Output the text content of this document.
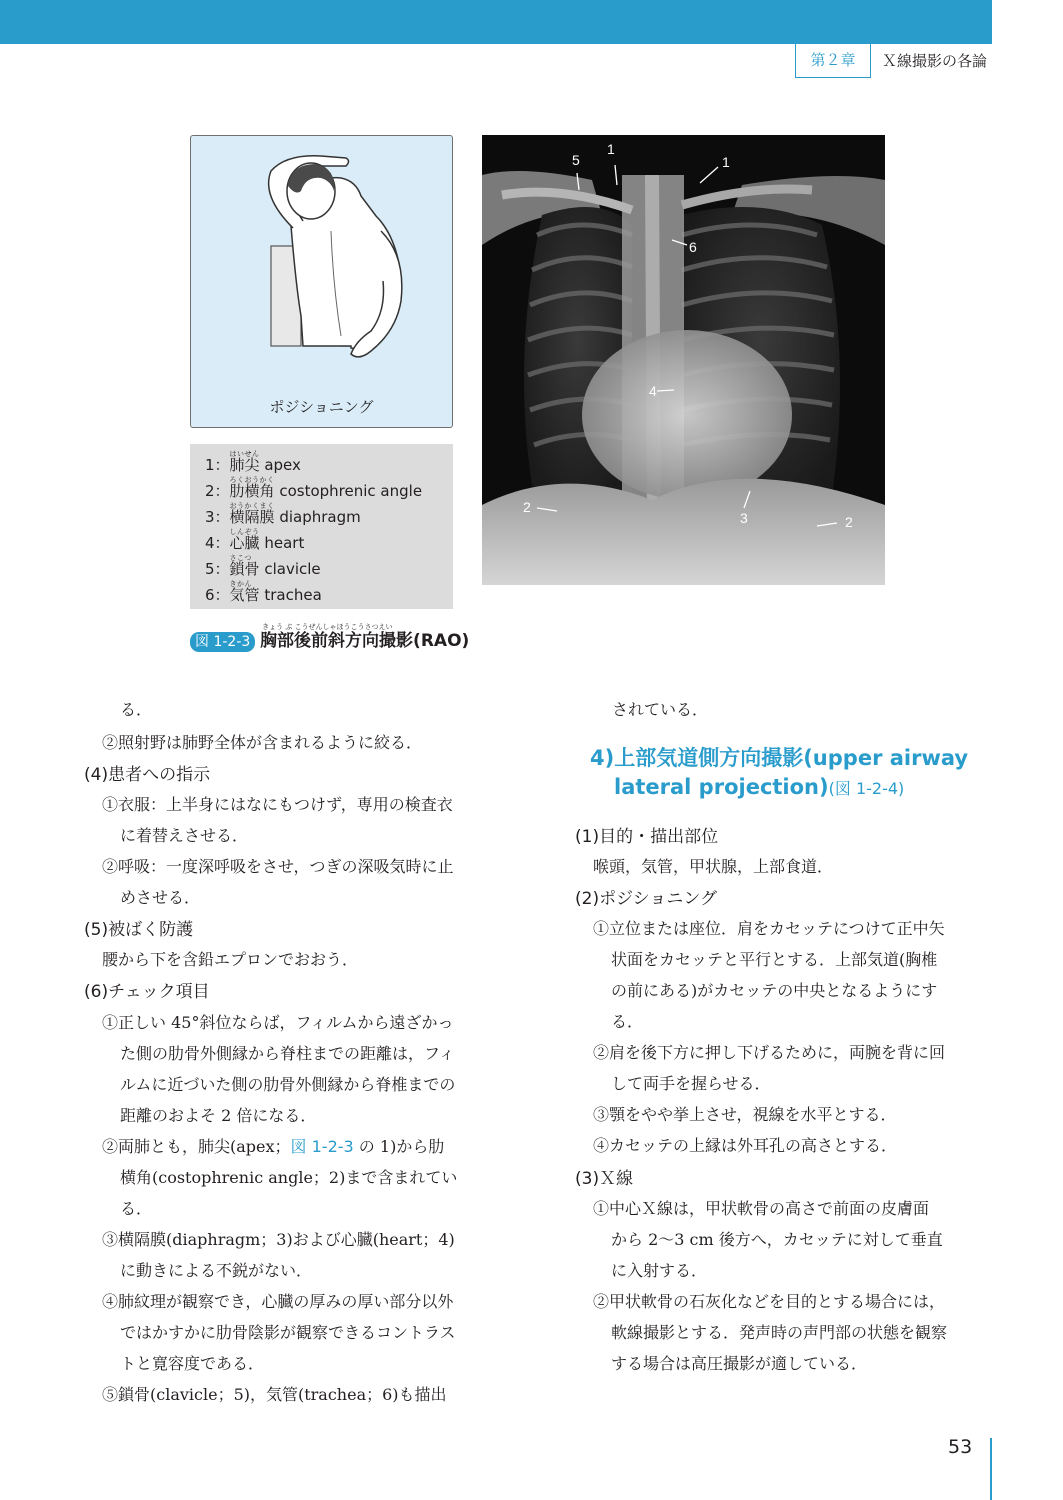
第２章	Ｘ線撮影の各論
ポジショニング
1：
はいせん
肺尖 apex
2：
ろくおうかく
肋横角 costophrenic angle
3：
おうかくまく
横隔膜 diaphragm
4：
しんぞう
心臓 heart
5：
さこつ
鎖骨 clavicle
6：
きかん
気管 trachea
1
1
5
6
4
2
3	2
図 1-2-3
きょう ぶ こうぜんしゃほうこうさつえい
胸部後前斜方向撮影(RAO)
る．
②照射野は肺野全体が含まれるように絞る．
(4)患者への指示
①衣服：上半身にはなにもつけず，専用の検査衣
に着替えさせる．
②呼吸：一度深呼吸をさせ，つぎの深吸気時に止
めさせる．
(5)被ばく防護
腰から下を含鉛エプロンでおおう．
(6)チェック項目
①正しい 45°斜位ならば，フィルムから遠ざかっ
た側の肋骨外側縁から脊柱までの距離は，フィ
ルムに近づいた側の肋骨外側縁から脊椎までの
距離のおよそ 2 倍になる．
②両肺とも，肺尖(apex；図 1-2-3 の 1)から肋
横角(costophrenic angle；2)まで含まれてい
る．
③横隔膜(diaphragm；3)および心臓(heart；4)
に動きによる不鋭がない．
④肺紋理が観察でき，心臓の厚みの厚い部分以外
ではかすかに肋骨陰影が観察できるコントラス
トと寛容度である．
⑤鎖骨(clavicle；5)，気管(trachea；6)も描出
されている．
4)上部気道側方向撮影(upper airway
lateral projection)(図 1-2-4)
(1)目的・描出部位
喉頭，気管，甲状腺，上部食道．
(2)ポジショニング
①立位または座位．肩をカセッテにつけて正中矢
状面をカセッテと平行とする．上部気道(胸椎
の前にある)がカセッテの中央となるようにす
る．
②肩を後下方に押し下げるために，両腕を背に回
して両手を握らせる．
③顎をやや挙上させ，視線を水平とする．
④カセッテの上縁は外耳孔の高さとする．
(3)Ｘ線
①中心Ｘ線は，甲状軟骨の高さで前面の皮膚面
から 2〜3 cm 後方へ，カセッテに対して垂直
に入射する．
②甲状軟骨の石灰化などを目的とする場合には，
軟線撮影とする．発声時の声門部の状態を観察
する場合は高圧撮影が適している．
53
